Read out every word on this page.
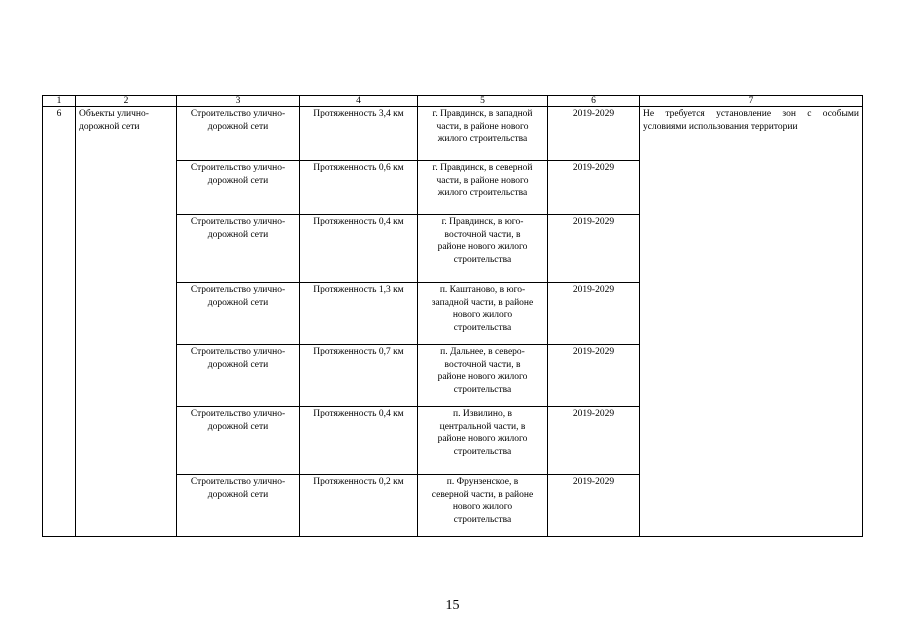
1	2	3	4	5	6	7
6	Объекты улично-
дорожной сети	Строительство улично-
дорожной сети	Протяженность 3,4 км	г. Правдинск, в западной
части, в районе нового
жилого строительства	2019-2029	Не требуется установление зон с особыми условиями использования территории
		Строительство улично-
дорожной сети	Протяженность 0,6 км	г. Правдинск, в северной
части, в районе нового
жилого строительства	2019-2029	
		Строительство улично-
дорожной сети	Протяженность 0,4 км	г. Правдинск, в юго-
восточной части, в
районе нового жилого
строительства	2019-2029	
		Строительство улично-
дорожной сети	Протяженность 1,3 км	п. Каштаново, в юго-
западной части, в районе
нового жилого
строительства	2019-2029	
		Строительство улично-
дорожной сети	Протяженность 0,7 км	п. Дальнее, в северо-
восточной части, в
районе нового жилого
строительства	2019-2029	
		Строительство улично-
дорожной сети	Протяженность 0,4 км	п. Извилино, в
центральной части, в
районе нового жилого
строительства	2019-2029	
		Строительство улично-
дорожной сети	Протяженность 0,2 км	п. Фрунзенское, в
северной части, в районе
нового жилого
строительства	2019-2029	
15
